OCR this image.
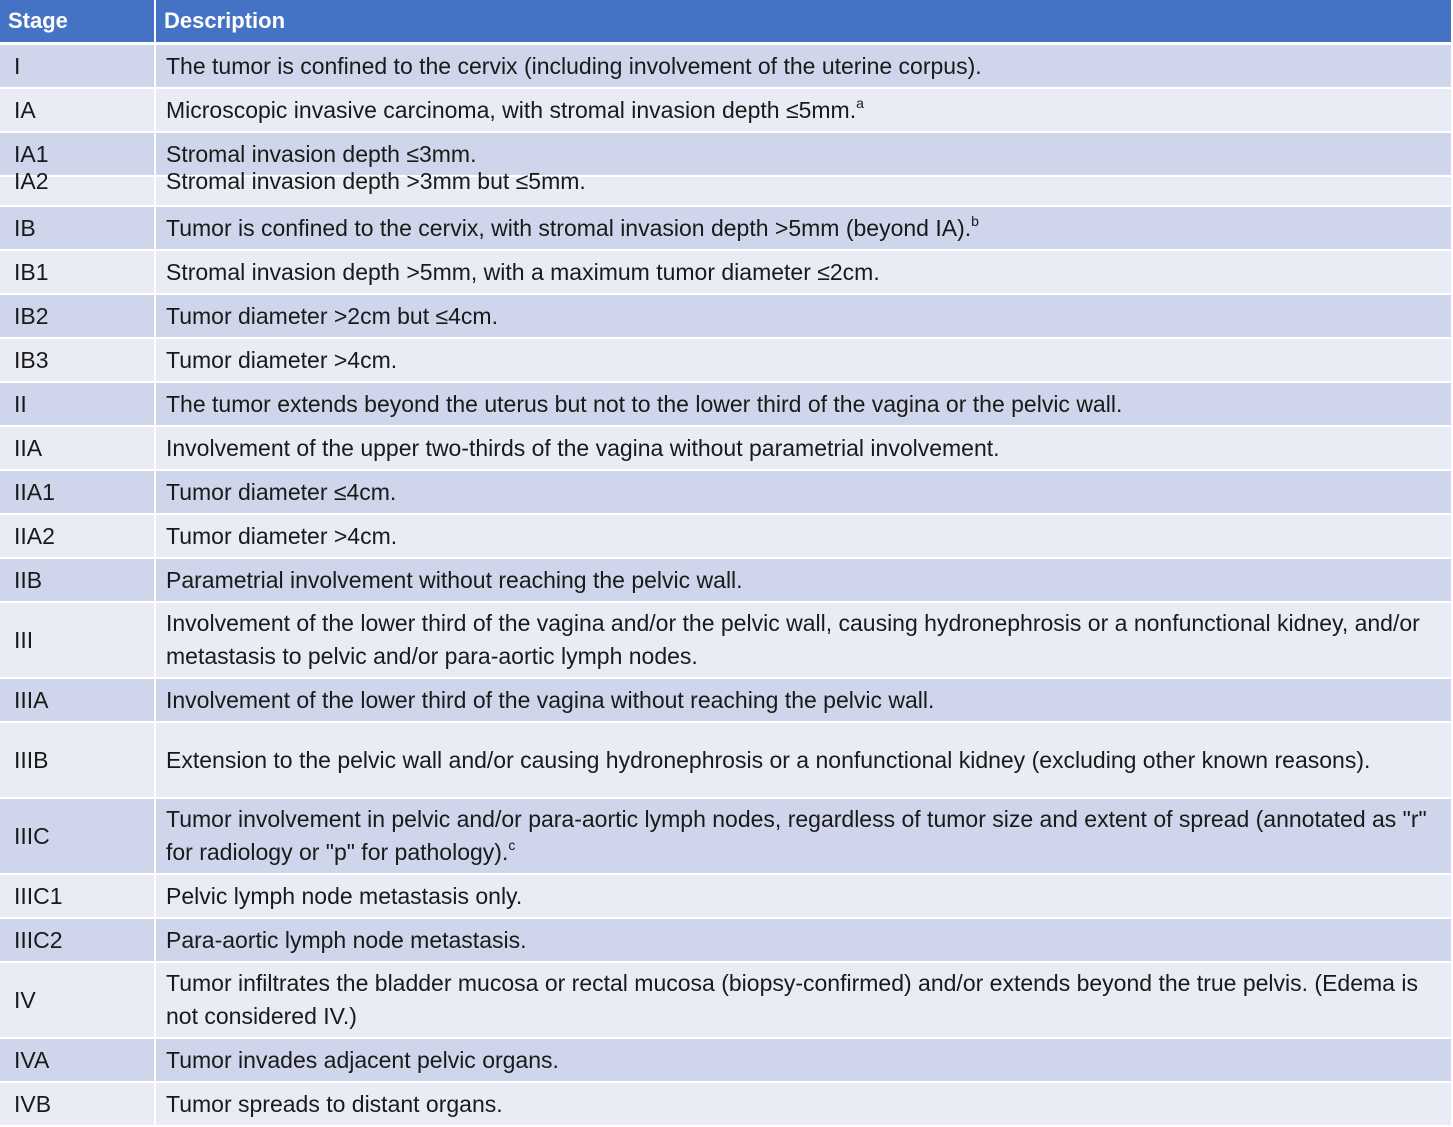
Stage	Description
I	The tumor is confined to the cervix (including involvement of the uterine corpus).
IA	Microscopic invasive carcinoma, with stromal invasion depth ≤5mm.$^a$
IA1	Stromal invasion depth ≤3mm.

IA2	Stromal invasion depth >3mm but ≤5mm.

IB	Tumor is confined to the cervix, with stromal invasion depth >5mm (beyond IA).$^b$
IB1	Stromal invasion depth >5mm, with a maximum tumor diameter ≤2cm.
IB2	Tumor diameter >2cm but ≤4cm.
IB3	Tumor diameter >4cm.
II	The tumor extends beyond the uterus but not to the lower third of the vagina or the pelvic wall.
IIA	Involvement of the upper two-thirds of the vagina without parametrial involvement.
IIA1	Tumor diameter ≤4cm.
IIA2	Tumor diameter >4cm.
IIB	Parametrial involvement without reaching the pelvic wall.
III	Involvement of the lower third of the vagina and/or the pelvic wall, causing hydronephrosis or a nonfunctional kidney, and/or metastasis to pelvic and/or para-aortic lymph nodes.
IIIA	Involvement of the lower third of the vagina without reaching the pelvic wall.
IIIB	Extension to the pelvic wall and/or causing hydronephrosis or a nonfunctional kidney (excluding other known reasons).
IIIC	Tumor involvement in pelvic and/or para-aortic lymph nodes, regardless of tumor size and extent of spread (annotated as "r" for radiology or "p" for pathology).$^c$
IIIC1	Pelvic lymph node metastasis only.
IIIC2	Para-aortic lymph node metastasis.
IV	Tumor infiltrates the bladder mucosa or rectal mucosa (biopsy-confirmed) and/or extends beyond the true pelvis. (Edema is not considered IV.)
IVA	Tumor invades adjacent pelvic organs.
IVB	Tumor spreads to distant organs.
